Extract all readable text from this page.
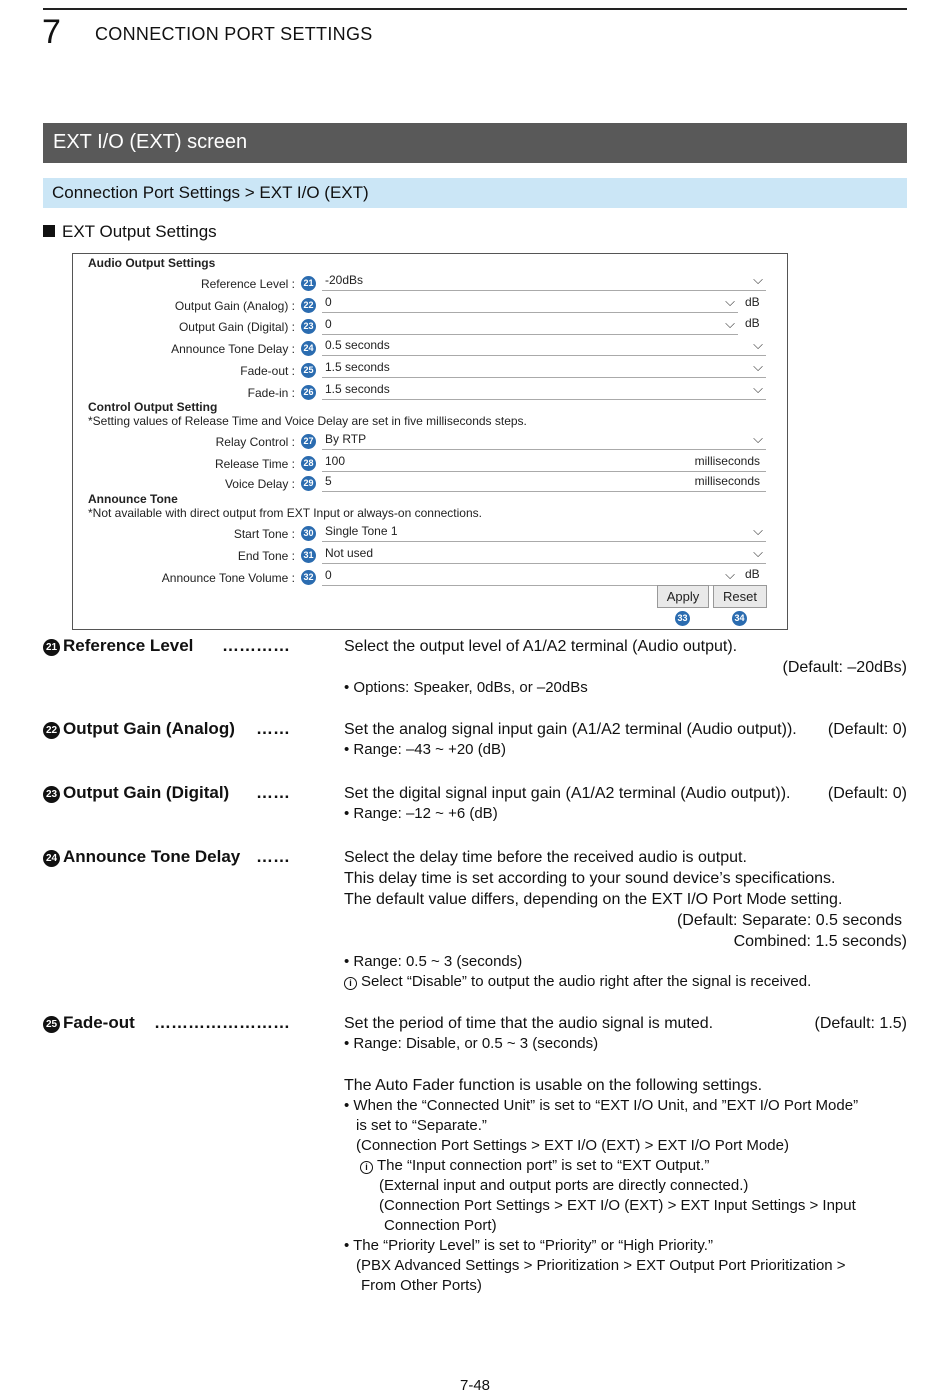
7 CONNECTION PORT SETTINGS
EXT I/O (EXT) screen
Connection Port Settings > EXT I/O (EXT)
EXT Output Settings
Audio Output Settings
Reference Level : 21 -20dBs	⌵
Output Gain (Analog) : 22 0	⌵ dB
Output Gain (Digital) : 23 0	⌵ dB
Announce Tone Delay : 24 0.5 seconds	⌵
Fade-out : 25 1.5 seconds	⌵
Fade-in : 26 1.5 seconds	⌵
Control Output Setting
*Setting values of Release Time and Voice Delay are set in five milliseconds steps.
Relay Control : 27 By RTP	⌵
Release Time : 28 100	milliseconds
Voice Delay : 29 5	milliseconds
Announce Tone
*Not available with direct output from EXT Input or always-on connections.
Start Tone : 30 Single Tone 1	⌵
End Tone : 31 Not used	⌵
Announce Tone Volume : 32 0	⌵ dB
Apply	Reset
33	34
21 Reference Level	…………	Select the output level of A1/A2 terminal (Audio output).
(Default: –20dBs)
• Options: Speaker, 0dBs, or –20dBs
22 Output Gain (Analog)	……	Set the analog signal input gain (A1/A2 terminal (Audio output)). (Default: 0)
• Range: –43 ~ +20 (dB)
23 Output Gain (Digital)	……	Set the digital signal input gain (A1/A2 terminal (Audio output)). (Default: 0)
• Range: –12 ~ +6 (dB)
24 Announce Tone Delay ……	Select the delay time before the received audio is output.
This delay time is set according to your sound device’s specifications.
The default value differs, depending on the EXT I/O Port Mode setting.
(Default: Separate: 0.5 seconds
Combined: 1.5 seconds)
• Range: 0.5 ~ 3 (seconds)
i Select “Disable” to output the audio right after the signal is received.
25 Fade-out	……………………	Set the period of time that the audio signal is muted.	(Default: 1.5)
• Range: Disable, or 0.5 ~ 3 (seconds)
The Auto Fader function is usable on the following settings.
• When the “Connected Unit” is set to “EXT I/O Unit, and ”EXT I/O Port Mode”
is set to “Separate.”
(Connection Port Settings > EXT I/O (EXT) > EXT I/O Port Mode)
i The “Input connection port” is set to “EXT Output.”
(External input and output ports are directly connected.)
(Connection Port Settings > EXT I/O (EXT) > EXT Input Settings > Input
Connection Port)
• The “Priority Level” is set to “Priority” or “High Priority.”
(PBX Advanced Settings > Prioritization > EXT Output Port Prioritization >
From Other Ports)
7-48
